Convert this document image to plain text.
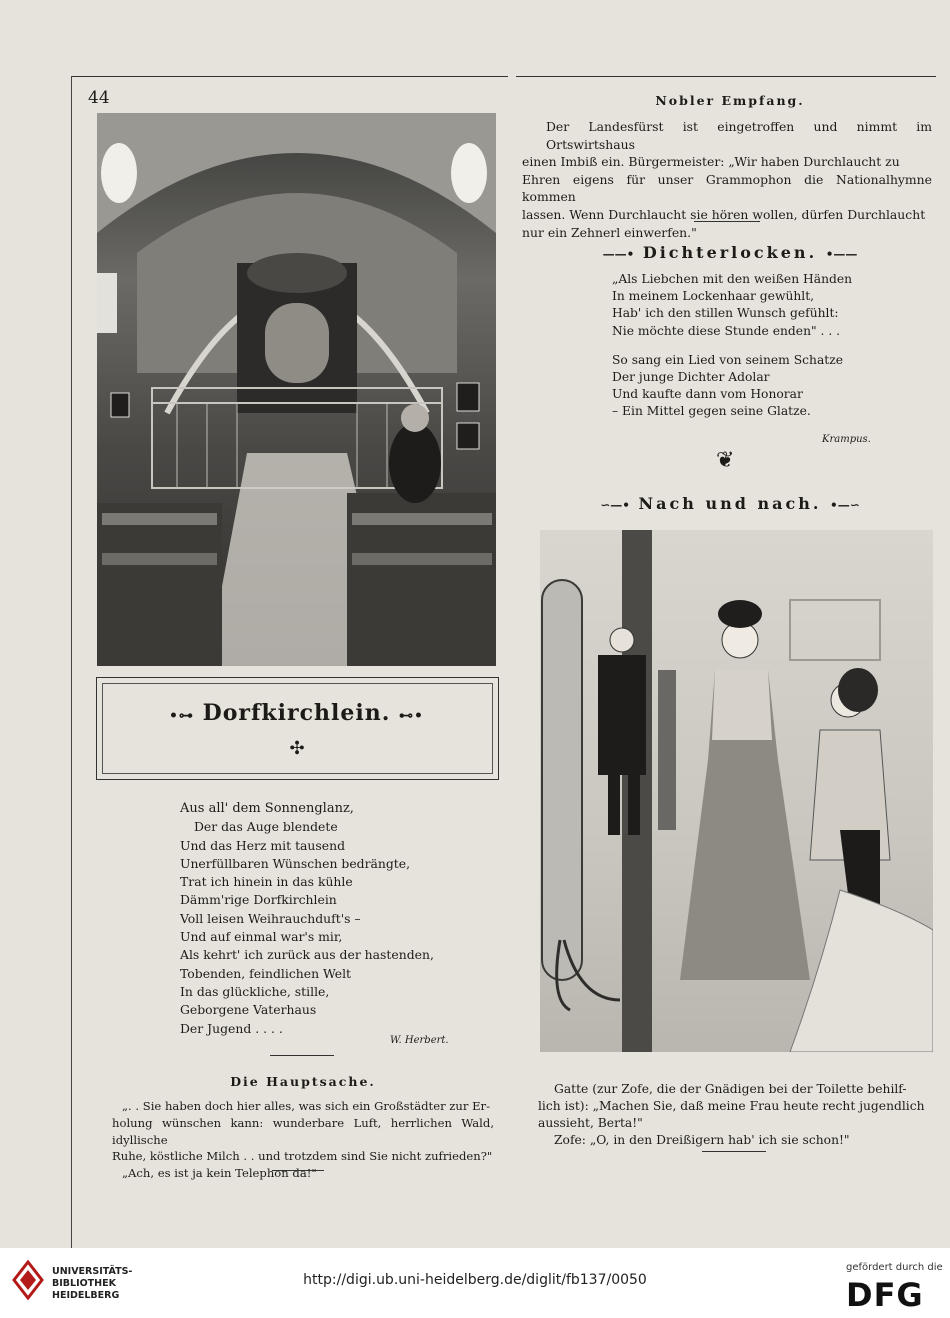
44
•⊶ Dorfkirchlein. ⊷•
✣
Aus all' dem Sonnenglanz,
Der das Auge blendete
Und das Herz mit tausend
Unerfüllbaren Wünschen bedrängte,
Trat ich hinein in das kühle
Dämm'rige Dorfkirchlein
Voll leisen Weihrauchduft's –
Und auf einmal war's mir,
Als kehrt' ich zurück aus der hastenden,
Tobenden, feindlichen Welt
In das glückliche, stille,
Geborgene Vaterhaus
Der Jugend . . . .
W. Herbert.
Die Hauptsache.
„. . Sie haben doch hier alles, was sich ein Großstädter zur Er-
holung wünschen kann: wunderbare Luft, herrlichen Wald, idyllische
Ruhe, köstliche Milch . . und trotzdem sind Sie nicht zufrieden?"
„Ach, es ist ja kein Telephon da!"
Nobler Empfang.
Der Landesfürst ist eingetroffen und nimmt im Ortswirtshaus
einen Imbiß ein. Bürgermeister: „Wir haben Durchlaucht zu
Ehren eigens für unser Grammophon die Nationalhymne kommen
lassen. Wenn Durchlaucht sie hören wollen, dürfen Durchlaucht
nur ein Zehnerl einwerfen."
——• Dichterlocken. •——
„Als Liebchen mit den weißen Händen
In meinem Lockenhaar gewühlt,
Hab' ich den stillen Wunsch gefühlt:
Nie möchte diese Stunde enden" . . .
So sang ein Lied von seinem Schatze
Der junge Dichter Adolar
Und kaufte dann vom Honorar
– Ein Mittel gegen seine Glatze.
Krampus.
❦
∽—• Nach und nach. •—∽
Gatte (zur Zofe, die der Gnädigen bei der Toilette behilf-
lich ist): „Machen Sie, daß meine Frau heute recht jugendlich
aussieht, Berta!"
Zofe: „O, in den Dreißigern hab' ich sie schon!"
UNIVERSITÄTS-
BIBLIOTHEK
HEIDELBERG
http://digi.ub.uni-heidelberg.de/diglit/fb137/0050
gefördert durch die
DFG
